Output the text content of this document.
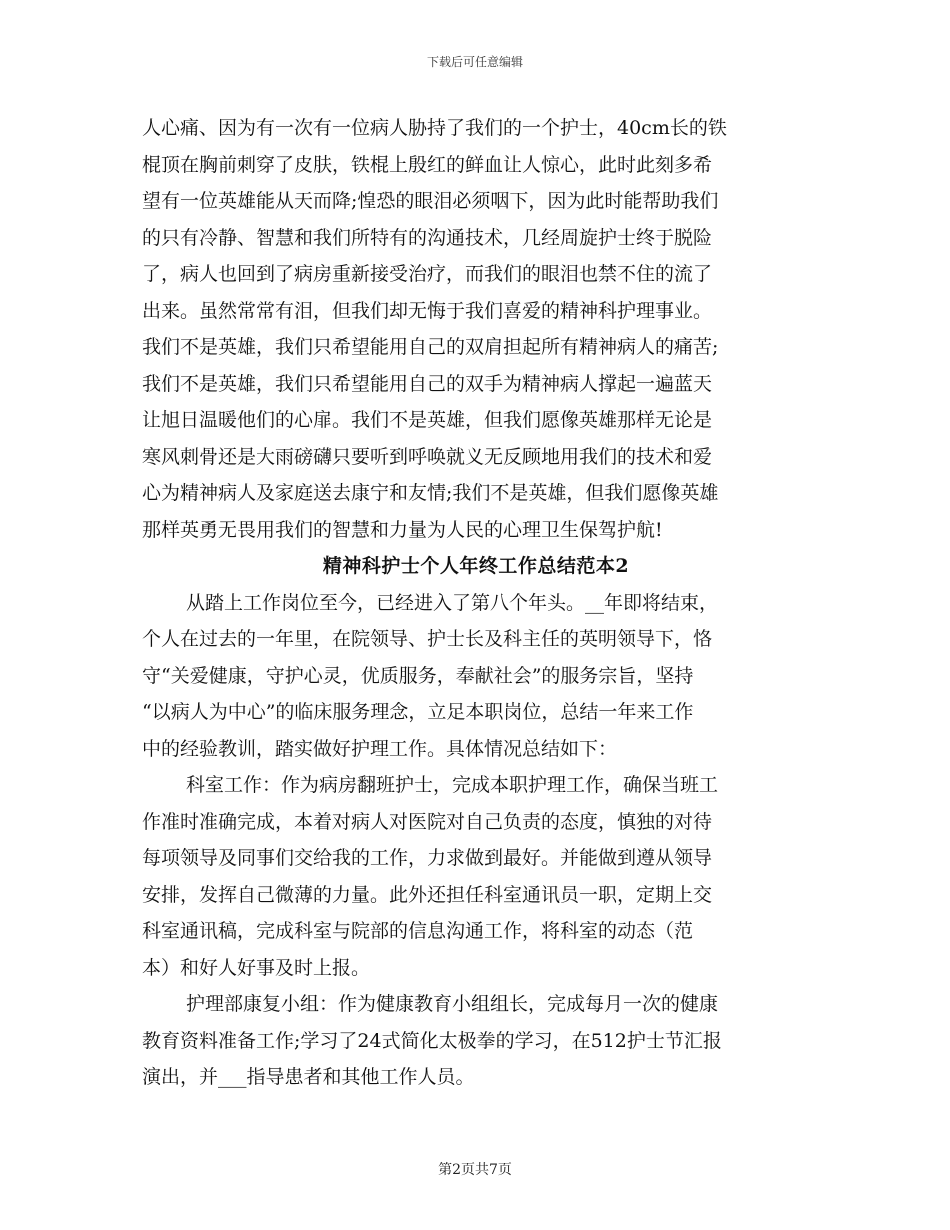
下载后可任意编辑
人心痛、因为有一次有一位病人胁持了我们的一个护士，40cm长的铁
棍顶在胸前刺穿了皮肤，铁棍上殷红的鲜血让人惊心，此时此刻多希
望有一位英雄能从天而降;惶恐的眼泪必须咽下，因为此时能帮助我们
的只有冷静、智慧和我们所特有的沟通技术，几经周旋护士终于脱险
了，病人也回到了病房重新接受治疗，而我们的眼泪也禁不住的流了
出来。虽然常常有泪，但我们却无悔于我们喜爱的精神科护理事业。
我们不是英雄，我们只希望能用自己的双肩担起所有精神病人的痛苦;
我们不是英雄，我们只希望能用自己的双手为精神病人撑起一遍蓝天
让旭日温暖他们的心扉。我们不是英雄，但我们愿像英雄那样无论是
寒风刺骨还是大雨磅礴只要听到呼唤就义无反顾地用我们的技术和爱
心为精神病人及家庭送去康宁和友情;我们不是英雄，但我们愿像英雄
那样英勇无畏用我们的智慧和力量为人民的心理卫生保驾护航!
精神科护士个人年终工作总结范本2
从踏上工作岗位至今，已经进入了第八个年头。__年即将结束，
个人在过去的一年里，在院领导、护士长及科主任的英明领导下，恪
守“关爱健康，守护心灵，优质服务，奉献社会”的服务宗旨，坚持
“以病人为中心”的临床服务理念，立足本职岗位，总结一年来工作
中的经验教训，踏实做好护理工作。具体情况总结如下：
科室工作：作为病房翻班护士，完成本职护理工作，确保当班工
作准时准确完成，本着对病人对医院对自己负责的态度，慎独的对待
每项领导及同事们交给我的工作，力求做到最好。并能做到遵从领导
安排，发挥自己微薄的力量。此外还担任科室通讯员一职，定期上交
科室通讯稿，完成科室与院部的信息沟通工作，将科室的动态（范
本）和好人好事及时上报。
护理部康复小组：作为健康教育小组组长，完成每月一次的健康
教育资料准备工作;学习了24式简化太极拳的学习，在512护士节汇报
演出，并___指导患者和其他工作人员。
第2页共7页
